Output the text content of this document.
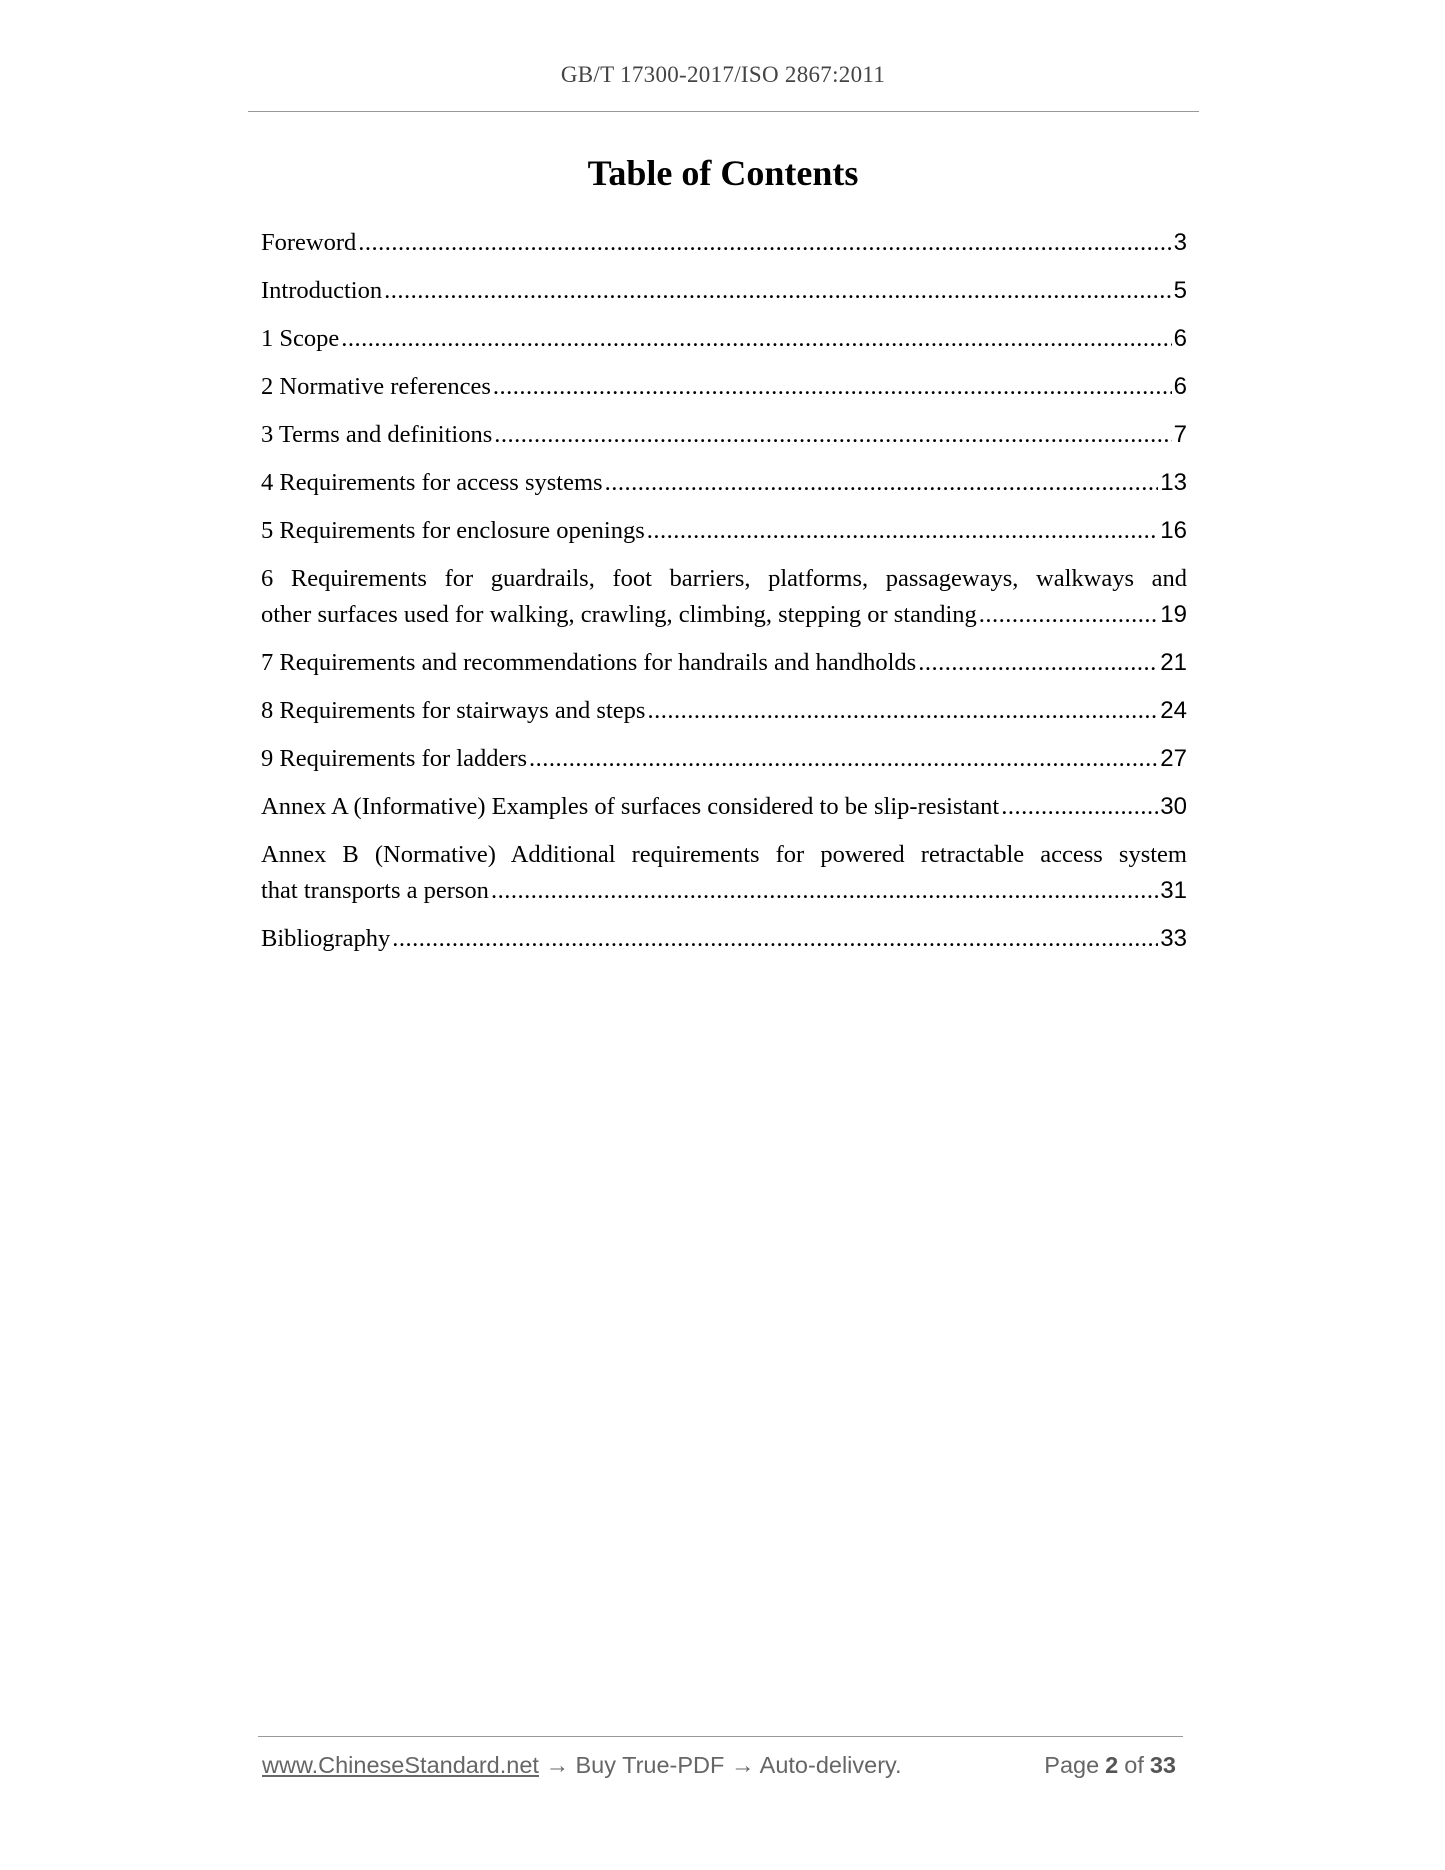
GB/T 17300-2017/ISO 2867:2011
Table of Contents
Foreword .....	3
Introduction .....	5
1 Scope .....	6
2 Normative references .....	6
3 Terms and definitions .....	7
4 Requirements for access systems .....	13
5 Requirements for enclosure openings .....	16
6 Requirements for guardrails, foot barriers, platforms, passageways, walkways and
other surfaces used for walking, crawling, climbing, stepping or standing .....	19
7 Requirements and recommendations for handrails and handholds .....	21
8 Requirements for stairways and steps .....	24
9 Requirements for ladders .....	27
Annex A (Informative) Examples of surfaces considered to be slip-resistant .....	30
Annex B (Normative) Additional requirements for powered retractable access system
that transports a person .....	31
Bibliography .....	33
www.ChineseStandard.net → Buy True-PDF → Auto-delivery.	Page 2 of 33
